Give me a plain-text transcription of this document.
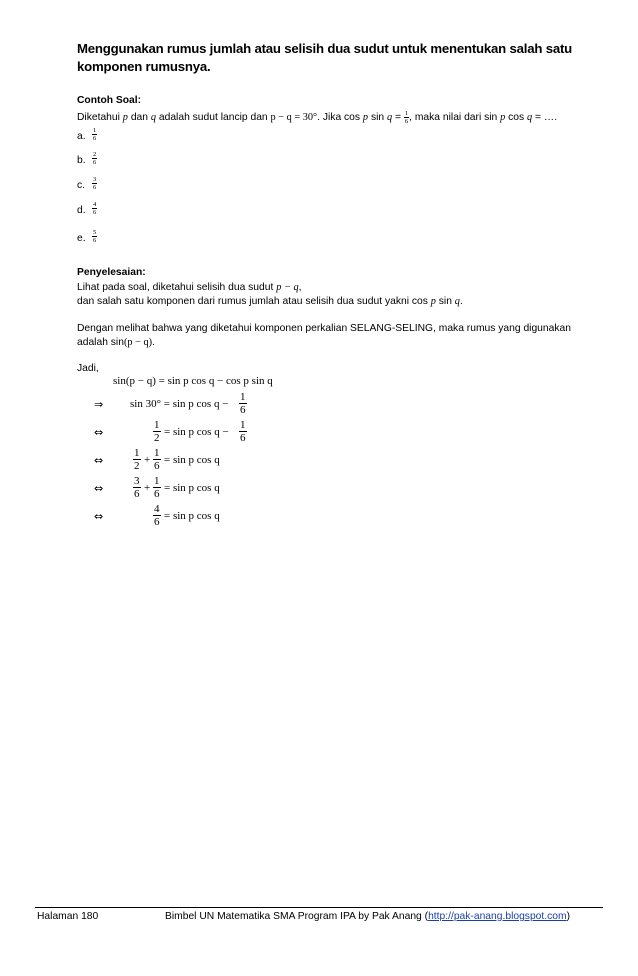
Menggunakan rumus jumlah atau selisih dua sudut untuk menentukan salah satu komponen rumusnya.
Contoh Soal:
Diketahui p dan q adalah sudut lancip dan p − q = 30°. Jika cos p $\sin q = \frac{1}{6}$ , maka nilai dari sin p cos q = ….
a. $\frac{1}{6}$
b. $\frac{2}{6}$
c. $\frac{3}{6}$
d. $\frac{4}{6}$
e. $\frac{5}{6}$
Penyelesaian:
Lihat pada soal, diketahui selisih dua sudut p − q,
dan salah satu komponen dari rumus jumlah atau selisih dua sudut yakni cos p sin q.
Dengan melihat bahwa yang diketahui komponen perkalian SELANG-SELING, maka rumus yang digunakan
adalah sin(p − q).
Jadi,
sin(p − q) = sin p cos q − cos p sin q
⇒ sin 30° = sin p $\cos q - \frac{1}{6}$
⇔	$\frac{1}{2} = \sin p$ $\cos q - \frac{1}{6}$
⇔	$\frac{1}{2} + \frac{1}{6} = \sin p$ cos q
⇔	$\frac{3}{6} + \frac{1}{6} = \sin p$ cos q
⇔	$\frac{4}{6} = \sin p$ cos q
Halaman 180	Bimbel UN Matematika SMA Program IPA by Pak Anang (http://pak-anang.blogspot.com)
